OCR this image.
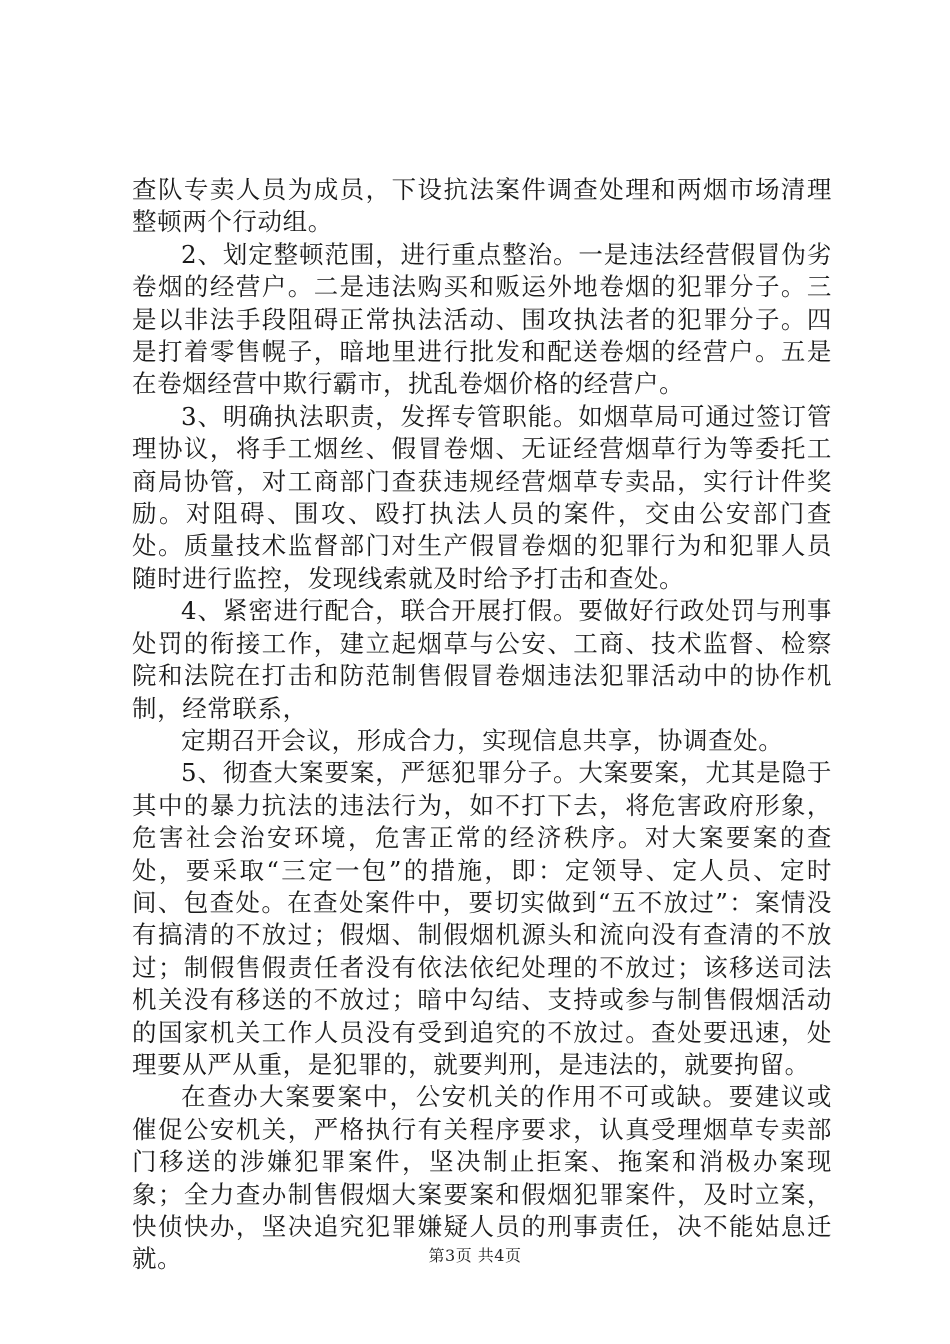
查队专卖人员为成员，下设抗法案件调查处理和两烟市场清理整顿两个行动组。

2、划定整顿范围，进行重点整治。一是违法经营假冒伪劣卷烟的经营户。二是违法购买和贩运外地卷烟的犯罪分子。三是以非法手段阻碍正常执法活动、围攻执法者的犯罪分子。四是打着零售幌子，暗地里进行批发和配送卷烟的经营户。五是在卷烟经营中欺行霸市，扰乱卷烟价格的经营户。

3、明确执法职责，发挥专管职能。如烟草局可通过签订管理协议，将手工烟丝、假冒卷烟、无证经营烟草行为等委托工商局协管，对工商部门查获违规经营烟草专卖品，实行计件奖励。对阻碍、围攻、殴打执法人员的案件，交由公安部门查处。质量技术监督部门对生产假冒卷烟的犯罪行为和犯罪人员随时进行监控，发现线索就及时给予打击和查处。

4、紧密进行配合，联合开展打假。要做好行政处罚与刑事处罚的衔接工作，建立起烟草与公安、工商、技术监督、检察院和法院在打击和防范制售假冒卷烟违法犯罪活动中的协作机制，经常联系，

定期召开会议，形成合力，实现信息共享，协调查处。

5、彻查大案要案，严惩犯罪分子。大案要案，尤其是隐于其中的暴力抗法的违法行为，如不打下去，将危害政府形象，危害社会治安环境，危害正常的经济秩序。对大案要案的查处，要采取“三定一包”的措施，即：定领导、定人员、定时间、包查处。在查处案件中，要切实做到“五不放过”：案情没有搞清的不放过；假烟、制假烟机源头和流向没有查清的不放过；制假售假责任者没有依法依纪处理的不放过；该移送司法机关没有移送的不放过；暗中勾结、支持或参与制售假烟活动的国家机关工作人员没有受到追究的不放过。查处要迅速，处理要从严从重，是犯罪的，就要判刑，是违法的，就要拘留。

在查办大案要案中，公安机关的作用不可或缺。要建议或催促公安机关，严格执行有关程序要求，认真受理烟草专卖部门移送的涉嫌犯罪案件，坚决制止拒案、拖案和消极办案现象；全力查办制售假烟大案要案和假烟犯罪案件，及时立案，快侦快办，坚决追究犯罪嫌疑人员的刑事责任，决不能姑息迁就。	第3页 共4页
